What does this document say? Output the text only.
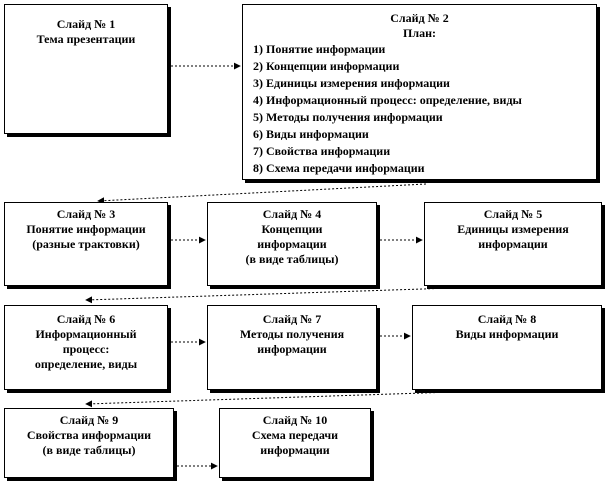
Слайд № 1
Тема презентации
Слайд № 2
План:
1) Понятие информации
2) Концепции информации
3) Единицы измерения информации
4) Информационный процесс: определение, виды
5) Методы получения информации
6) Виды информации
7) Свойства информации
8) Схема передачи информации
Слайд № 3
Понятие информации
(разные трактовки)
Слайд № 4
Концепции
информации
(в виде таблицы)
Слайд № 5
Единицы измерения
информации
Слайд № 6
Информационный
процесс:
определение, виды
Слайд № 7
Методы получения
информации
Слайд № 8
Виды информации
Слайд № 9
Свойства информации
(в виде таблицы)
Слайд № 10
Схема передачи
информации
